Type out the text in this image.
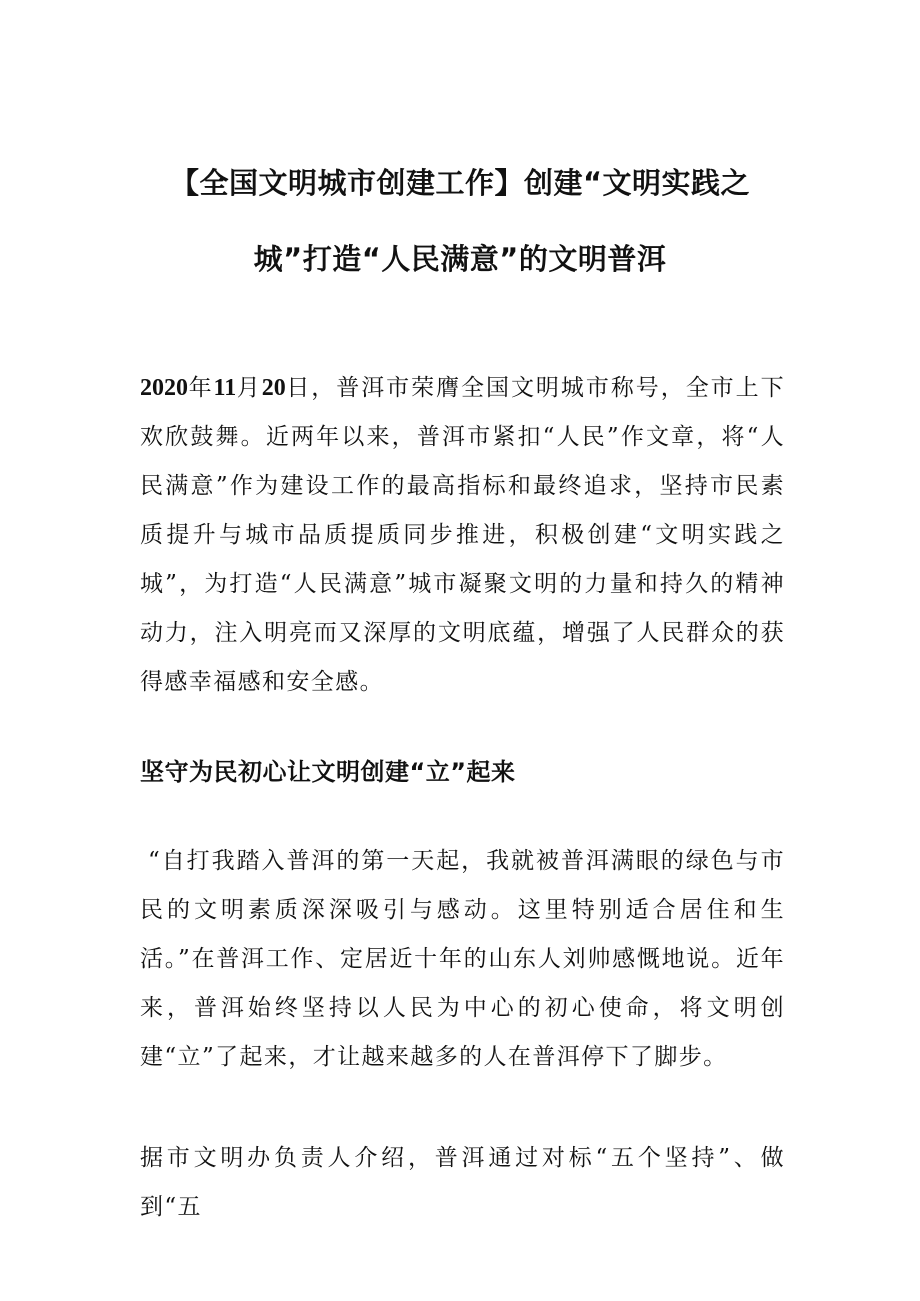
【全国文明城市创建工作】创建“文明实践之
城”打造“人民满意”的文明普洱

2020年11月20日，普洱市荣膺全国文明城市称号，全市上下欢欣鼓舞。近两年以来，普洱市紧扣“人民”作文章，将“人民满意”作为建设工作的最高指标和最终追求，坚持市民素质提升与城市品质提质同步推进，积极创建“文明实践之城”，为打造“人民满意”城市凝聚文明的力量和持久的精神动力，注入明亮而又深厚的文明底蕴，增强了人民群众的获得感幸福感和安全感。

坚守为民初心让文明创建“立”起来

“自打我踏入普洱的第一天起，我就被普洱满眼的绿色与市民的文明素质深深吸引与感动。这里特别适合居住和生活。”在普洱工作、定居近十年的山东人刘帅感慨地说。近年来，普洱始终坚持以人民为中心的初心使命，将文明创建“立”了起来，才让越来越多的人在普洱停下了脚步。

据市文明办负责人介绍，普洱通过对标“五个坚持”、做到“五
